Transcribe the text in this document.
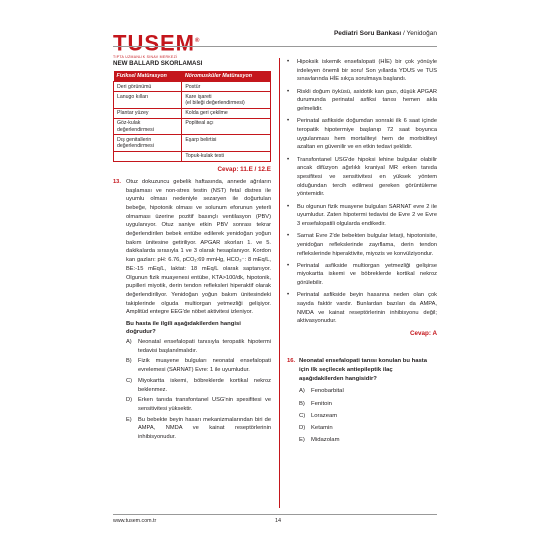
TUSEM®
TIPTA UZMANLIK SINAV MERKEZİ
Pediatri Soru Bankası / Yenidoğan
NEW BALLARD SKORLAMASI
Fiziksel Matürasyon	Nöromusküler Matürasyon
Deri görünümü	Postür
Lanugo kılları	Kare işareti
(el bileği değerlendirmesi)
Plantar yüzey	Kolda geri çekilme
Göz-kulak
değerlendirmesi	Popliteal açı
Dış genitallerin
değerlendirmesi	Eşarp belirtisi
	Topuk-kulak testi
Cevap: 11.E / 12.E
13. Otuz dokuzuncu gebelik haftasında, annede ağrıların başlaması ve non-stres testin (NST) fetal distres ile uyumlu olması nedeniyle sezaryen ile doğurtulan bebeğe, hipotonik olması ve solunum eforunun yeterli olmaması üzerine pozitif basınçlı ventilasyon (PBV) uygulanıyor. Otuz saniye etkin PBV sonrası tekrar değerlendirilen bebek entübe edilerek yenidoğan yoğun bakım ünitesine getiriliyor. APGAR skorları 1. ve 5. dakikalarda sırasıyla 1 ve 3 olarak hesaplanıyor. Kordon kan gazları: pH: 6.76, pCO₂:69 mmHg, HCO₃⁻: 8 mEq/L, BE:-15 mEq/L, laktat: 18 mEq/L olarak saptanıyor. Olgunun fizik muayenesi entübe, KTA>100/dk, hipotonik, pupilleri miyotik, derin tendon refleksleri hiperaktif olarak değerlendiriliyor. Yenidoğan yoğun bakım ünitesindeki takiplerinde olguda multiorgan yetmezliği gelişiyor. Amplitüd entegre EEG'de nöbet aktivitesi izleniyor.
Bu hasta ile ilgili aşağıdakilerden hangisi doğrudur?
A)	Neonatal ensefalopati tanısıyla teropatik hipotermi tedavisi başlanılmalıdır.
B)	Fizik muayene bulguları neonatal ensefalopati evrelemesi (SARNAT) Evre: 1 ile uyumludur.
C)	Miyokartta iskemi, böbreklerde kortikal nekroz beklenmez.
D)	Erken tanıda transfontanel USG'nin spesifitesi ve sensitivitesi yüksektir.
E)	Bu bebekte beyin hasarı mekanizmalarından biri de AMPA, NMDA ve kainat reseptörlerinin inhibisyonudur.
•	Hipoksik iskemik ensefalopati (HİE) bir çok yönüyle irdeleyen önemli bir soru! Son yıllarda YDUS ve TUS sınavlarında HİE sıkça sorulmaya başlandı.
•	Riskli doğum öyküsü, asidotik kan gazı, düşük APGAR durumunda perinatal asfiksi tanısı hemen akla gelmelidir.
•	Perinatal asfikside doğumdan sonraki ilk 6 saat içinde teropatik hipotermiye başlanıp 72 saat boyunca uygulanması hem mortaliteyi hem de morbiditeyi azaltan en güvenilir ve en etkin tedavi şeklidir.
•	Transfontanel USG'de hipoksi lehine bulgular olabilir ancak difüzyon ağırlıklı kraniyal MR erken tanıda spesifitesi ve sensitivitesi en yüksek yöntem olduğundan tercih edilmesi gereken görüntüleme yöntemidir.
•	Bu olgunun fizik muayene bulguları SARNAT evre 2 ile uyumludur. Zaten hipotermi tedavisi de Evre 2 ve Evre 3 ensefalopatili olgularda endikedir.
•	Sarnat Evre 2'de bebekten bulgular letarji, hipotonisite, yenidoğan reflekslerinde zayıflama, derin tendon reflekslerinde hiperaktivite, miyozis ve konvülziyondur.
•	Perinatal asfikside multiorgan yetmezliği gelişirse miyokartta iskemi ve böbreklerde kortikal nekroz görülebilir.
•	Perinatal asfikside beyin hasarına neden olan çok sayıda faktör vardır. Bunlardan bazıları da AMPA, NMDA ve kainat reseptörlerinin inhibisyonu değil; aktivasyonudur.
Cevap: A
16. Neonatal ensefalopati tanısı konulan bu hasta için ilk seçilecek antiepileptik ilaç aşağıdakilerden hangisidir?
A)	Fenobarbital
B)	Fenitoin
C) Lorazeam
D) Ketamin
E)	Midazolam
www.tusem.com.tr	14
